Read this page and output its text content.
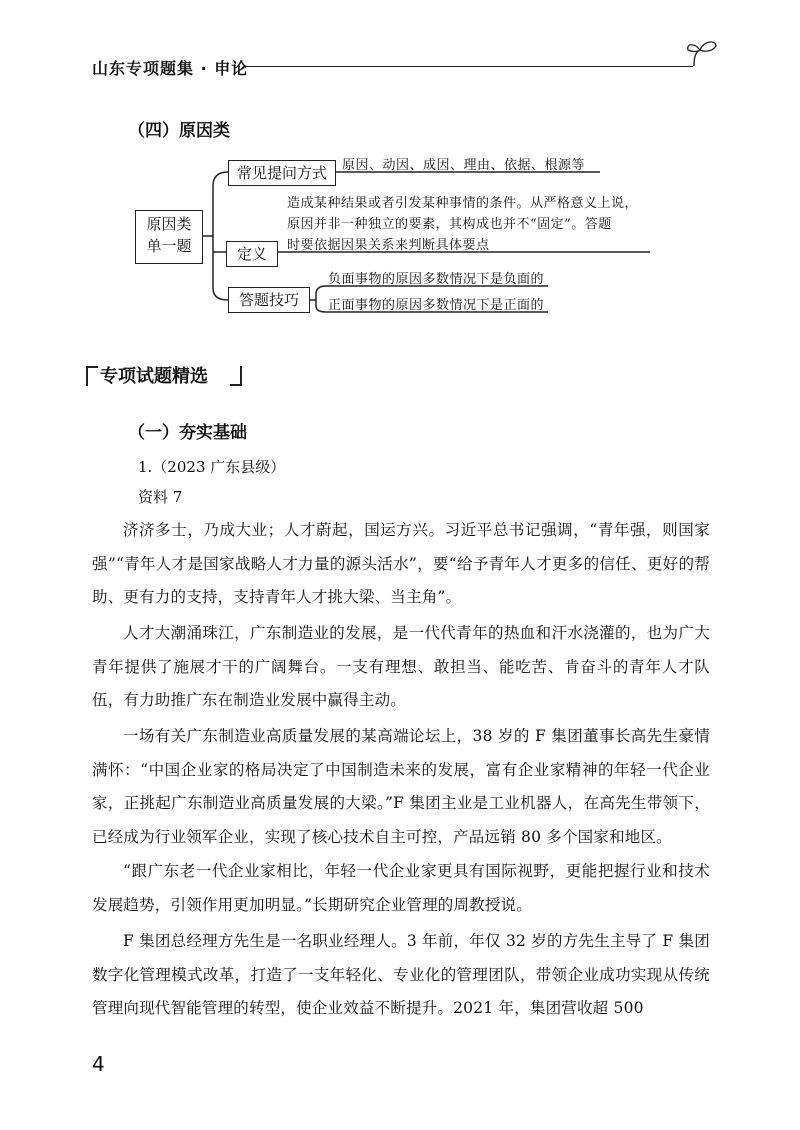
山东专项题集 · 申论
（四）原因类
原因类
单一题
常见提问方式
定义
答题技巧
原因、动因、成因、理由、依据、根源等
造成某种结果或者引发某种事情的条件。从严格意义上说，
原因并非一种独立的要素，其构成也并不“固定”。答题
时要依据因果关系来判断具体要点
负面事物的原因多数情况下是负面的
正面事物的原因多数情况下是正面的
专项试题精选
（一）夯实基础
1.（2023 广东县级）
资料 7
济济多士，乃成大业；人才蔚起，国运方兴。习近平总书记强调，“青年强，则国家强”“青年人才是国家战略人才力量的源头活水”，要“给予青年人才更多的信任、更好的帮助、更有力的支持，支持青年人才挑大梁、当主角”。
人才大潮涌珠江，广东制造业的发展，是一代代青年的热血和汗水浇灌的，也为广大青年提供了施展才干的广阔舞台。一支有理想、敢担当、能吃苦、肯奋斗的青年人才队伍，有力助推广东在制造业发展中赢得主动。
一场有关广东制造业高质量发展的某高端论坛上，38 岁的 F 集团董事长高先生豪情满怀：“中国企业家的格局决定了中国制造未来的发展，富有企业家精神的年轻一代企业家，正挑起广东制造业高质量发展的大梁。”F 集团主业是工业机器人，在高先生带领下，已经成为行业领军企业，实现了核心技术自主可控，产品远销 80 多个国家和地区。
“跟广东老一代企业家相比，年轻一代企业家更具有国际视野，更能把握行业和技术发展趋势，引领作用更加明显。”长期研究企业管理的周教授说。
F 集团总经理方先生是一名职业经理人。3 年前，年仅 32 岁的方先生主导了 F 集团数字化管理模式改革，打造了一支年轻化、专业化的管理团队，带领企业成功实现从传统管理向现代智能管理的转型，使企业效益不断提升。2021 年，集团营收超 500
4
